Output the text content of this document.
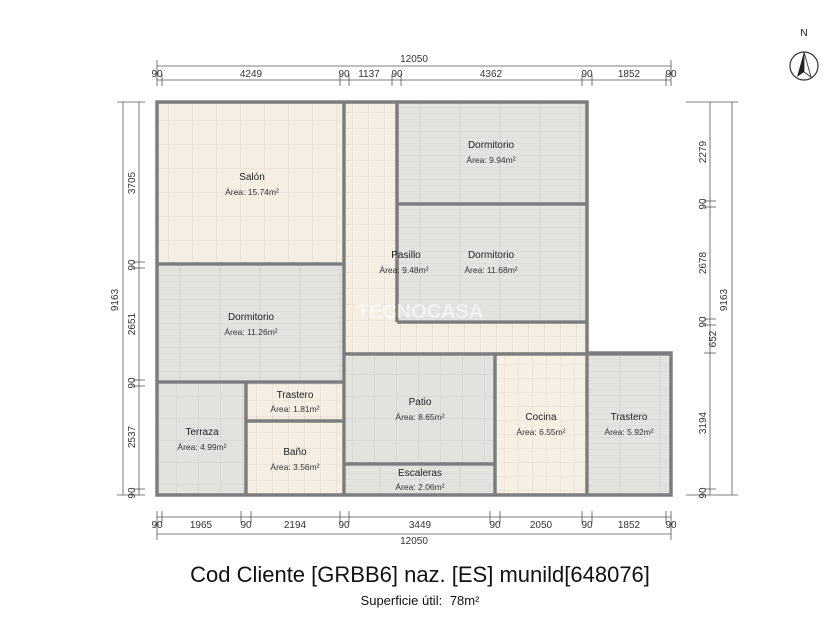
TECNOCASA
Salón
Área: 15.74m²
Pasillo
Área: 9.48m²
Dormitorio
Área: 9.94m²
Dormitorio
Área: 11.68m²
Dormitorio
Área: 11.26m²
Trastero
Área: 1.81m²
Terraza
Área: 4.99m²	Baño
Área: 3.56m²
Patio
Área: 8.65m²
Escaleras
Área: 2.06m²
Cocina
Área: 6.55m²
Trastero
Área: 5.92m²
12050
90	4249	90 1137 90	4362	90	1852	90
90	1965	90	2194	90	3449	90	2050	90	1852	90
12050
9163
3705
90
2651
90
2537
90
2279
90
2678
90
652
3194
90
9163
N
Cod Cliente [GRBB6] naz. [ES] munild[648076]
Superficie útil: 78m²
